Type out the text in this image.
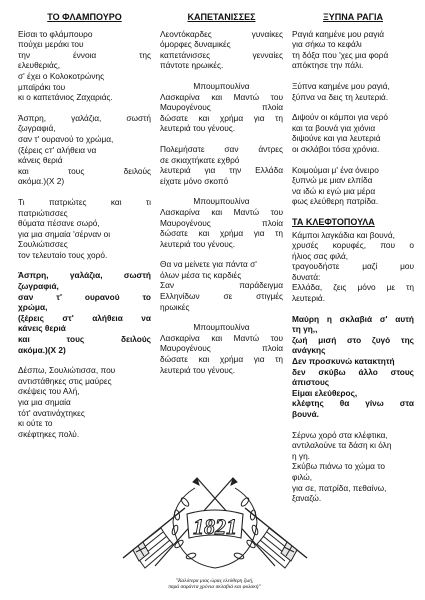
ΤΟ ΦΛΑΜΠΟΥΡΟ
Είσαι το φλάμπουρο
πούχει μεράκι του
την έννοια της
ελευθεριάς,
σ' έχει ο Κολοκοτρώνης
μπαϊράκι του
κι ο καπετάνιος Ζαχαριάς.
Άσπρη, γαλάζια, σωστή
ζωγραφιά,
σαν τ' ουρανού το χρώμα,
(ξέρεις ст' αλήθεια να
κάνεις θεριά
και τους δειλούς
ακόμα.)(Χ 2)
Τι πατριώτες και τι
πατριώτισσες
θύματα πέσανε σωρό,
για μια σημαία 'σέρναν οι
Σουλιώτισσες
τον τελευταίο τους χορό.
Άσπρη, γαλάζια, σωστή
ζωγραφιά,
σαν τ' ουρανού το
χρώμα,
(ξέρεις στ' αλήθεια να
κάνεις θεριά
και τους δειλούς
ακόμα.)(Χ 2)
Δέσπω, Σουλιώτισσα, που
αντιστάθηκες στις μαύρες
σκέψεις του Αλή,
για μια σημαία
τότ' ανατινάχτηκες
κι ούτε το
σκέφτηκες πολύ.
ΚΑΠΕΤΑΝΙΣΣΕΣ
Λεοντόκαρδες γυναίκες
όμορφες δυναμικές
καπετάνισσες γενναίες
πάντοτε ηρωικές.
Μπουμπουλίνα
Λασκαρίνα και Μαντώ του
Μαυρογένους πλοία
δώσατε και χρήμα για τη
λευτεριά του γένους.
Πολεμήσατε σαν άντρες
σε σκιαχτήκατε εχθρό
λευτεριά για την Ελλάδα
είχατε μόνο σκοπό
Μπουμπουλίνα
Λασκαρίνα και Μαντώ του
Μαυρογένους πλοία
δώσατε και χρήμα για τη
λευτεριά του γένους.
Θα να μείνετε για πάντα σ'
όλων μέσα τις καρδιές
Σαν παράδειγμα
Ελληνίδων σε στιγμές
ηρωικές
Μπουμπουλίνα
Λασκαρίνα και Μαντώ του
Μαυρογένους πλοία
δώσατε και χρήμα για τη
λευτεριά του γένους.
ΞΥΠΝΑ ΡΑΓΙΑ
Ραγιά καημένε μου ραγιά
για σήκω το κεφάλι
τη δόξα που 'χες μια φορά
απόκτησε την πάλι.
Ξύπνα καημένε μου ραγιά,
ξύπνα να δεις τη λευτεριά.
Διψούν οι κάμποι για νερό
και τα βουνά για χιόνια
διψούνε και για λευτεριά
οι σκλάβοι τόσα χρόνια.
Κοιμούμαι μ' ένα όνειρο
ξυπνώ με μιαν ελπίδα
να ιδώ κι εγώ μια μέρα
φως ελεύθερη πατρίδα.
ΤΑ ΚΛΕΦΤΟΠΟΥΛΑ
Κάμποι λαγκάδια και βουνά,
χρυσές κορυφές, που ο
ήλιος σας φιλά,
τραγουδήστε μαζί μου
δυνατά:
Ελλάδα, ζεις μόνο με τη
λευτεριά.
Μαύρη η σκλαβιά σ' αυτή
τη γη,,
ζωή μισή στο ζυγό της
ανάγκης
Δεν προσκυνώ κατακτητή
δεν σκύβω άλλο στους
άπιστους
Είμαι ελεύθερος,
κλέφτης θα γίνω στα
βουνά.
Σέρνω χορό στα κλέφτικα,
αντιλαλούνε τα δάση κι όλη
η γη.
Σκύβω πιάνω το χώμα το
φιλώ,
για σε, πατρίδα, πεθαίνω,
ξαναζώ.
1821
"Καλύτερα μιας ώρας ελεύθερη ζωή,
παρά σαράντα χρόνια σκλαβιά και φυλακή"
